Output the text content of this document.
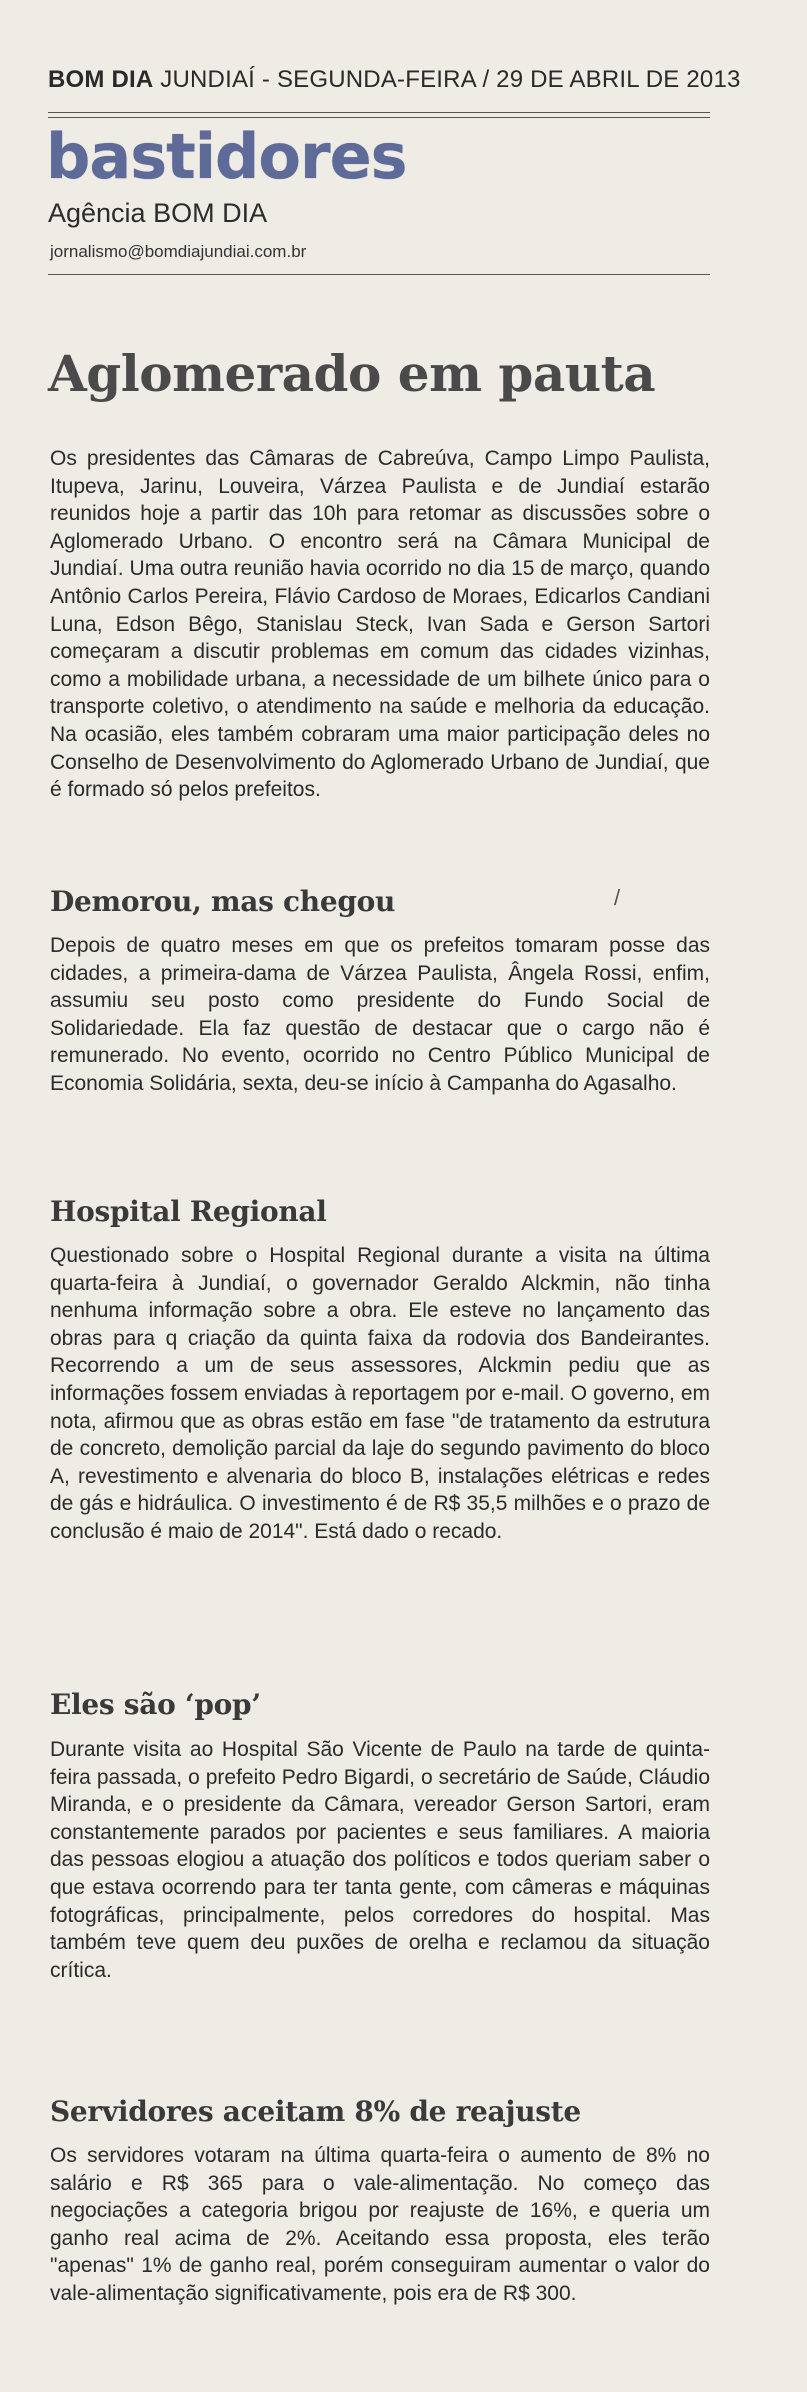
BOM DIA JUNDIAÍ - SEGUNDA-FEIRA / 29 DE ABRIL DE 2013
bastidores
Agência BOM DIA
jornalismo@bomdiajundiai.com.br
Aglomerado em pauta

Os presidentes das Câmaras de Cabreúva, Campo Limpo Paulista, Itupeva, Jarinu, Louveira, Várzea Paulista e de Jundiaí estarão reunidos hoje a partir das 10h para retomar as discussões sobre o Aglomerado Urbano. O encontro será na Câmara Municipal de Jundiaí. Uma outra reunião havia ocorrido no dia 15 de março, quando Antônio Carlos Pereira, Flávio Cardoso de Moraes, Edicarlos Candiani Luna, Edson Bêgo, Stanislau Steck, Ivan Sada e Gerson Sartori começaram a discutir problemas em comum das cidades vizinhas, como a mobilidade urbana, a necessidade de um bilhete único para o transporte coletivo, o atendimento na saúde e melhoria da educação. Na ocasião, eles também cobraram uma maior participação deles no Conselho de Desenvolvimento do Aglomerado Urbano de Jundiaí, que é formado só pelos prefeitos.

/
Demorou, mas chegou

Depois de quatro meses em que os prefeitos tomaram posse das cidades, a primeira-dama de Várzea Paulista, Ângela Rossi, enfim, assumiu seu posto como presidente do Fundo Social de Solidariedade. Ela faz questão de destacar que o cargo não é remunerado. No evento, ocorrido no Centro Público Municipal de Economia Solidária, sexta, deu-se início à Campanha do Agasalho.

Hospital Regional

Questionado sobre o Hospital Regional durante a visita na última quarta-feira à Jundiaí, o governador Geraldo Alckmin, não tinha nenhuma informação sobre a obra. Ele esteve no lançamento das obras para q criação da quinta faixa da rodovia dos Bandeirantes. Recorrendo a um de seus assessores, Alckmin pediu que as informações fossem enviadas à reportagem por e-mail. O governo, em nota, afirmou que as obras estão em fase "de tratamento da estrutura de concreto, demolição parcial da laje do segundo pavimento do bloco A, revestimento e alvenaria do bloco B, instalações elétricas e redes de gás e hidráulica. O investimento é de R$ 35,5 milhões e o prazo de conclusão é maio de 2014". Está dado o recado.

Eles são ‘pop’

Durante visita ao Hospital São Vicente de Paulo na tarde de quinta-feira passada, o prefeito Pedro Bigardi, o secretário de Saúde, Cláudio Miranda, e o presidente da Câmara, vereador Gerson Sartori, eram constantemente parados por pacientes e seus familiares. A maioria das pessoas elogiou a atuação dos políticos e todos queriam saber o que estava ocorrendo para ter tanta gente, com câmeras e máquinas fotográficas, principalmente, pelos corredores do hospital. Mas também teve quem deu puxões de orelha e reclamou da situação crítica.

Servidores aceitam 8% de reajuste

Os servidores votaram na última quarta-feira o aumento de 8% no salário e R$ 365 para o vale-alimentação. No começo das negociações a categoria brigou por reajuste de 16%, e queria um ganho real acima de 2%. Aceitando essa proposta, eles terão "apenas" 1% de ganho real, porém conseguiram aumentar o valor do vale-alimentação significativamente, pois era de R$ 300.
